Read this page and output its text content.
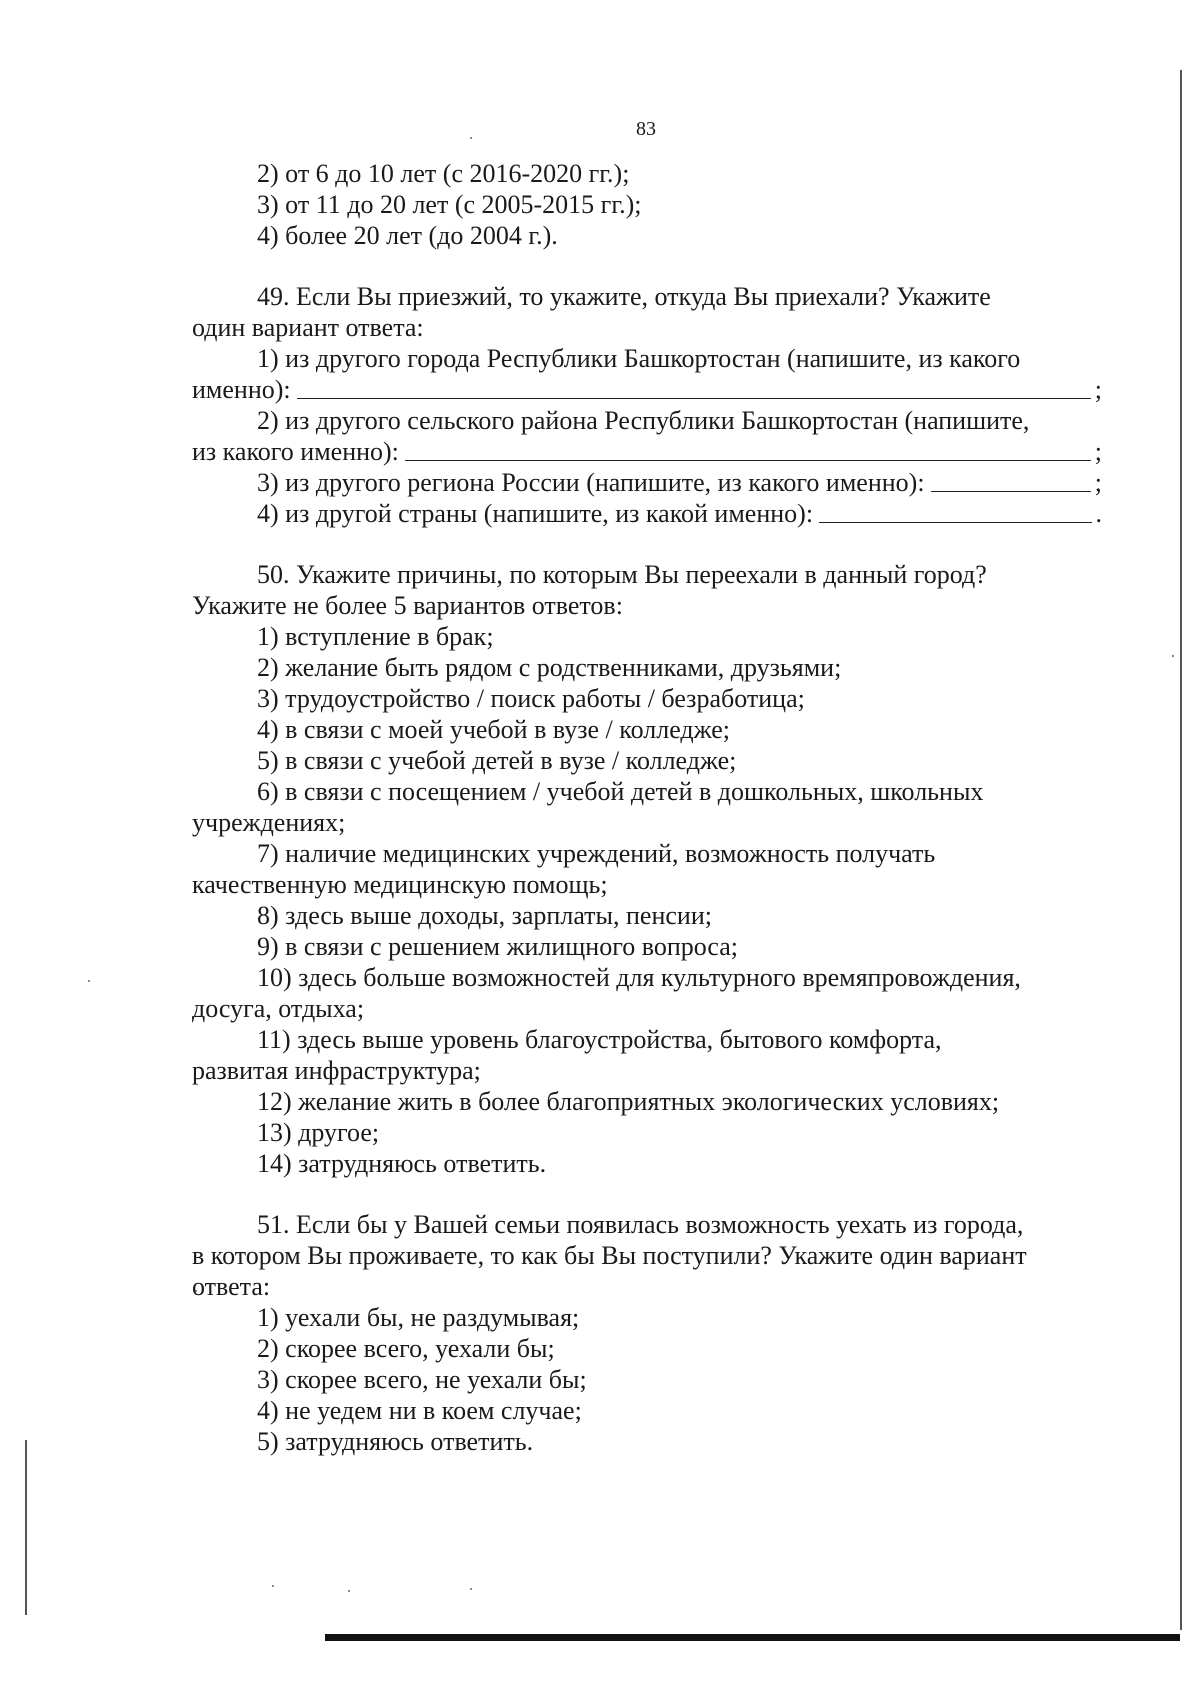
83
2) от 6 до 10 лет (с 2016-2020 гг.);
3) от 11 до 20 лет (с 2005-2015 гг.);
4) более 20 лет (до 2004 г.).
49. Если Вы приезжий, то укажите, откуда Вы приехали? Укажите
один вариант ответа:
1) из другого города Республики Башкортостан (напишите, из какого
именно):	;
2) из другого сельского района Республики Башкортостан (напишите,
из какого именно):	;
3) из другого региона России (напишите, из какого именно):	;
4) из другой страны (напишите, из какой именно):	.
50. Укажите причины, по которым Вы переехали в данный город?
Укажите не более 5 вариантов ответов:
1) вступление в брак;
2) желание быть рядом с родственниками, друзьями;
3) трудоустройство / поиск работы / безработица;
4) в связи с моей учебой в вузе / колледже;
5) в связи с учебой детей в вузе / колледже;
6) в связи с посещением / учебой детей в дошкольных, школьных
учреждениях;
7) наличие медицинских учреждений, возможность получать
качественную медицинскую помощь;
8) здесь выше доходы, зарплаты, пенсии;
9) в связи с решением жилищного вопроса;
10) здесь больше возможностей для культурного времяпровождения,
досуга, отдыха;
11) здесь выше уровень благоустройства, бытового комфорта,
развитая инфраструктура;
12) желание жить в более благоприятных экологических условиях;
13) другое;
14) затрудняюсь ответить.
51. Если бы у Вашей семьи появилась возможность уехать из города,
в котором Вы проживаете, то как бы Вы поступили? Укажите один вариант
ответа:
1) уехали бы, не раздумывая;
2) скорее всего, уехали бы;
3) скорее всего, не уехали бы;
4) не уедем ни в коем случае;
5) затрудняюсь ответить.
